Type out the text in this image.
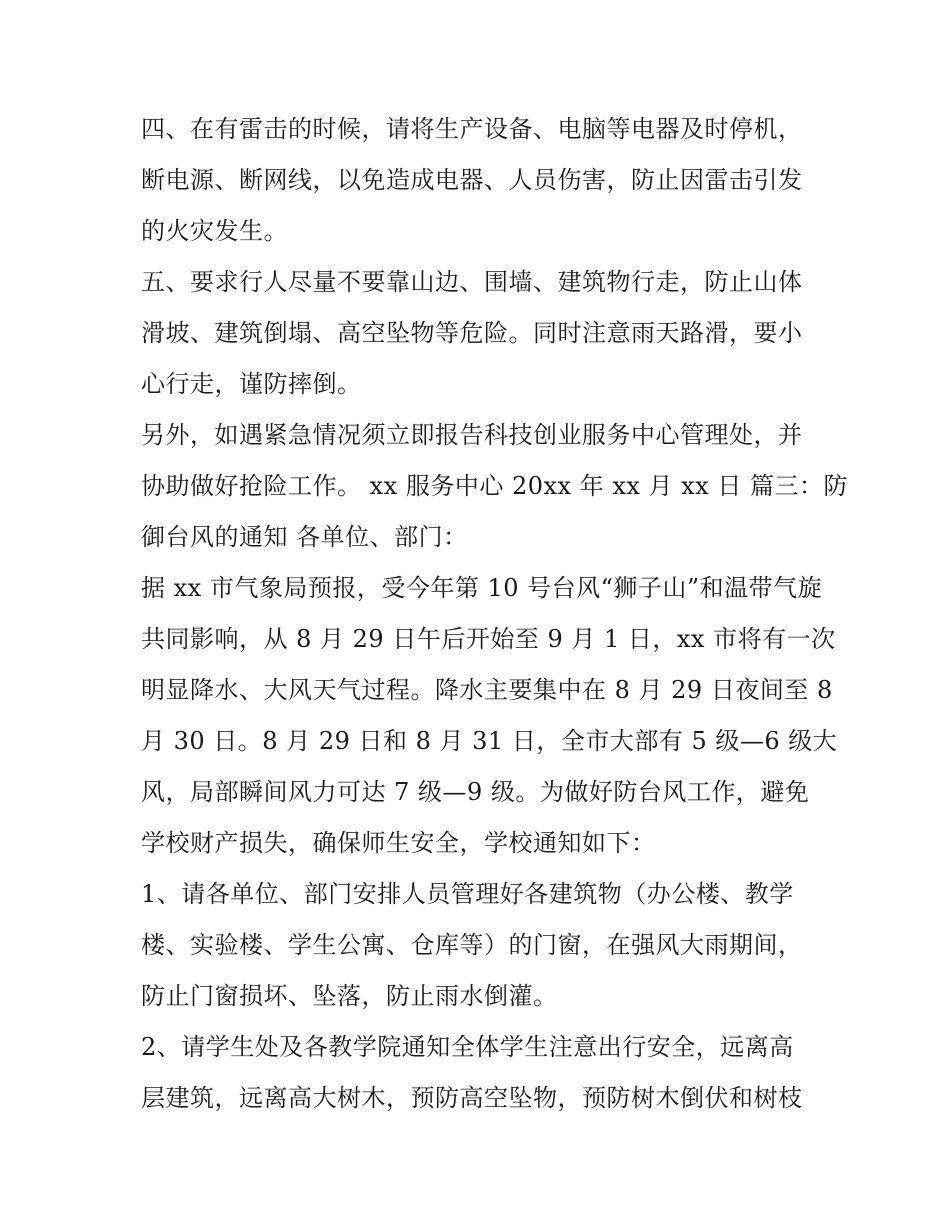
四、在有雷击的时候，请将生产设备、电脑等电器及时停机，
断电源、断网线，以免造成电器、人员伤害，防止因雷击引发
的火灾发生。
五、要求行人尽量不要靠山边、围墙、建筑物行走，防止山体
滑坡、建筑倒塌、高空坠物等危险。同时注意雨天路滑，要小
心行走，谨防摔倒。
另外，如遇紧急情况须立即报告科技创业服务中心管理处，并
协助做好抢险工作。 xx 服务中心 20xx 年 xx 月 xx 日 篇三：防
御台风的通知 各单位、部门：
据 xx 市气象局预报，受今年第 10 号台风“狮子山”和温带气旋
共同影响，从 8 月 29 日午后开始至 9 月 1 日，xx 市将有一次
明显降水、大风天气过程。降水主要集中在 8 月 29 日夜间至 8
月 30 日。8 月 29 日和 8 月 31 日，全市大部有 5 级—6 级大
风，局部瞬间风力可达 7 级—9 级。为做好防台风工作，避免
学校财产损失，确保师生安全，学校通知如下：
1、请各单位、部门安排人员管理好各建筑物（办公楼、教学
楼、实验楼、学生公寓、仓库等）的门窗，在强风大雨期间，
防止门窗损坏、坠落，防止雨水倒灌。
2、请学生处及各教学院通知全体学生注意出行安全，远离高
层建筑，远离高大树木，预防高空坠物，预防树木倒伏和树枝
